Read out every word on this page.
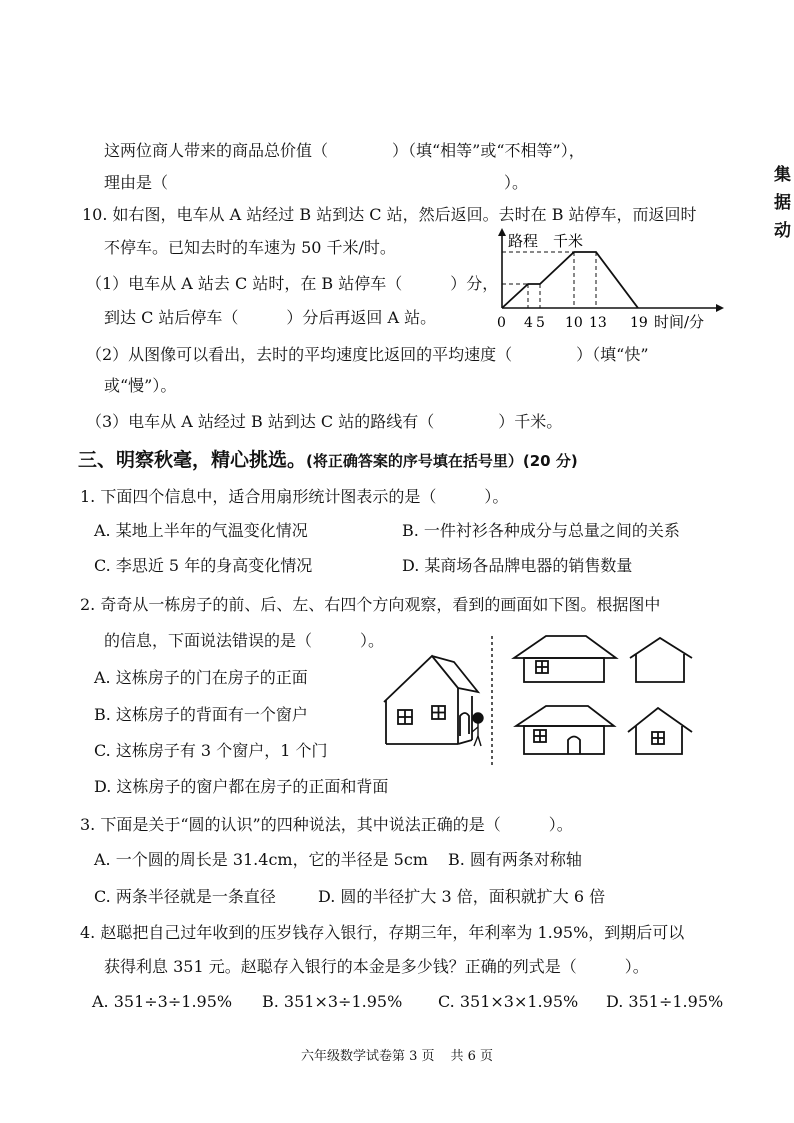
集
据
动
这两位商人带来的商品总价值（　　　　）（填“相等”或“不相等”），
理由是（　　　　　　　　　　　　　　　　　　　　　）。
10. 如右图，电车从 A 站经过 B 站到达 C 站，然后返回。去时在 B 站停车，而返回时
不停车。已知去时的车速为 50 千米/时。
（1）电车从 A 站去 C 站时，在 B 站停车（　　　）分，
到达 C 站后停车（　　　）分后再返回 A 站。
（2）从图像可以看出，去时的平均速度比返回的平均速度（　　　　）（填“快”
或“慢”）。
（3）电车从 A 站经过 B 站到达 C 站的路线有（　　　　）千米。
路程　千米
0 4 5 10 13 19 时间/分
三、明察秋毫，精心挑选。(将正确答案的序号填在括号里）(20 分)
1. 下面四个信息中，适合用扇形统计图表示的是（　　　）。
A. 某地上半年的气温变化情况	B. 一件衬衫各种成分与总量之间的关系
C. 李思近 5 年的身高变化情况	D. 某商场各品牌电器的销售数量
2. 奇奇从一栋房子的前、后、左、右四个方向观察，看到的画面如下图。根据图中
的信息，下面说法错误的是（　　　）。
A. 这栋房子的门在房子的正面
B. 这栋房子的背面有一个窗户
C. 这栋房子有 3 个窗户，1 个门
D. 这栋房子的窗户都在房子的正面和背面
3. 下面是关于“圆的认识”的四种说法，其中说法正确的是（　　　）。
A. 一个圆的周长是 31.4cm，它的半径是 5cm B. 圆有两条对称轴
C. 两条半径就是一条直径	D. 圆的半径扩大 3 倍，面积就扩大 6 倍
4. 赵聪把自己过年收到的压岁钱存入银行，存期三年，年利率为 1.95%，到期后可以
获得利息 351 元。赵聪存入银行的本金是多少钱？正确的列式是（　　　）。
A. 351÷3÷1.95% B. 351×3÷1.95% C. 351×3×1.95% D. 351÷1.95%
六年级数学试卷第 3 页 共 6 页
